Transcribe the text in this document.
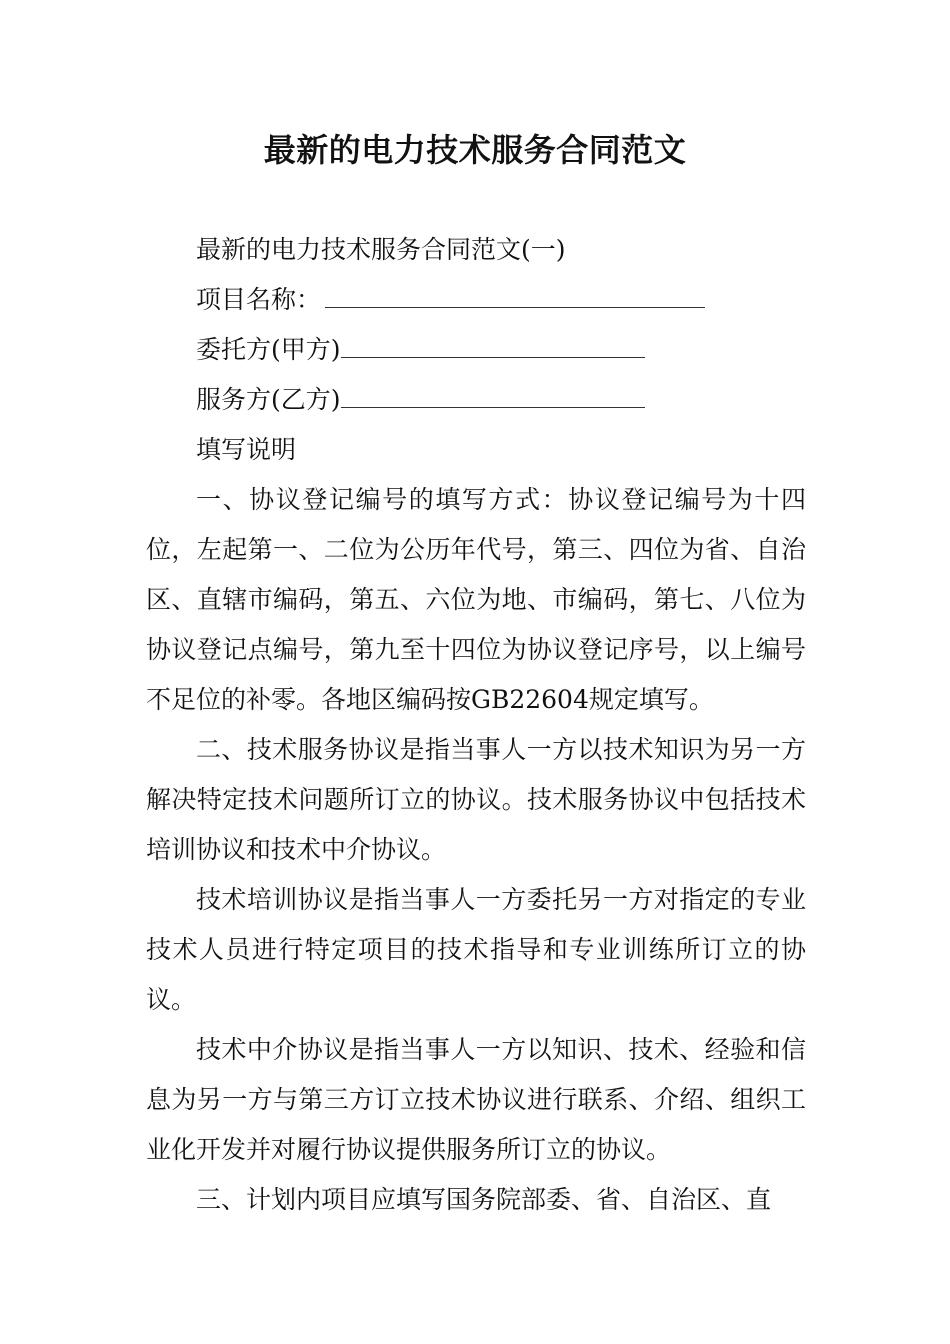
最新的电力技术服务合同范文

最新的电力技术服务合同范文(一)

项目名称：

委托方(甲方)

服务方(乙方)

填写说明

一、协议登记编号的填写方式：协议登记编号为十四位，左起第一、二位为公历年代号，第三、四位为省、自治区、直辖市编码，第五、六位为地、市编码，第七、八位为协议登记点编号，第九至十四位为协议登记序号，以上编号不足位的补零。各地区编码按GB22604规定填写。

二、技术服务协议是指当事人一方以技术知识为另一方解决特定技术问题所订立的协议。技术服务协议中包括技术培训协议和技术中介协议。

技术培训协议是指当事人一方委托另一方对指定的专业技术人员进行特定项目的技术指导和专业训练所订立的协议。

技术中介协议是指当事人一方以知识、技术、经验和信息为另一方与第三方订立技术协议进行联系、介绍、组织工业化开发并对履行协议提供服务所订立的协议。

三、计划内项目应填写国务院部委、省、自治区、直
